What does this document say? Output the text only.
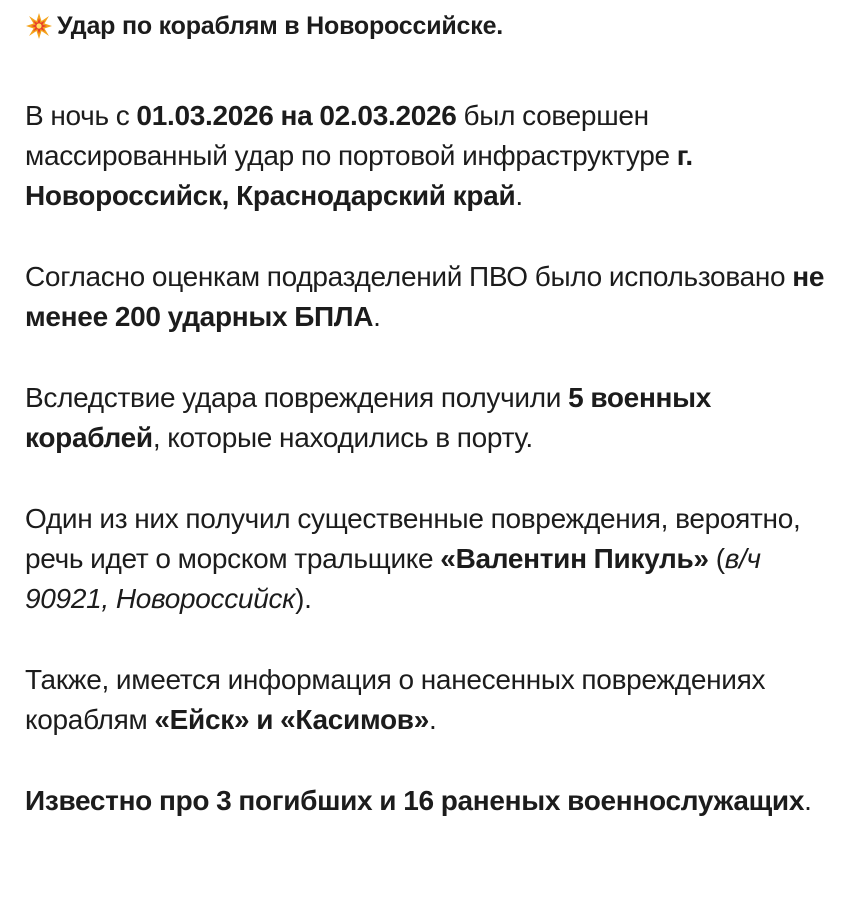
Удар по кораблям в Новороссийске.

В ночь с 01.03.2026 на 02.03.2026 был совершен массированный удар по портовой инфраструктуре г. Новороссийск, Краснодарский край.

Согласно оценкам подразделений ПВО было использовано не менее 200 ударных БПЛА.

Вследствие удара повреждения получили 5 военных кораблей, которые находились в порту.

Один из них получил существенные повреждения, вероятно, речь идет о морском тральщике «Валентин Пикуль» (в/ч 90921, Новороссийск).

Также, имеется информация о нанесенных повреждениях кораблям «Ейск» и «Касимов».

Известно про 3 погибших и 16 раненых военнослужащих.
